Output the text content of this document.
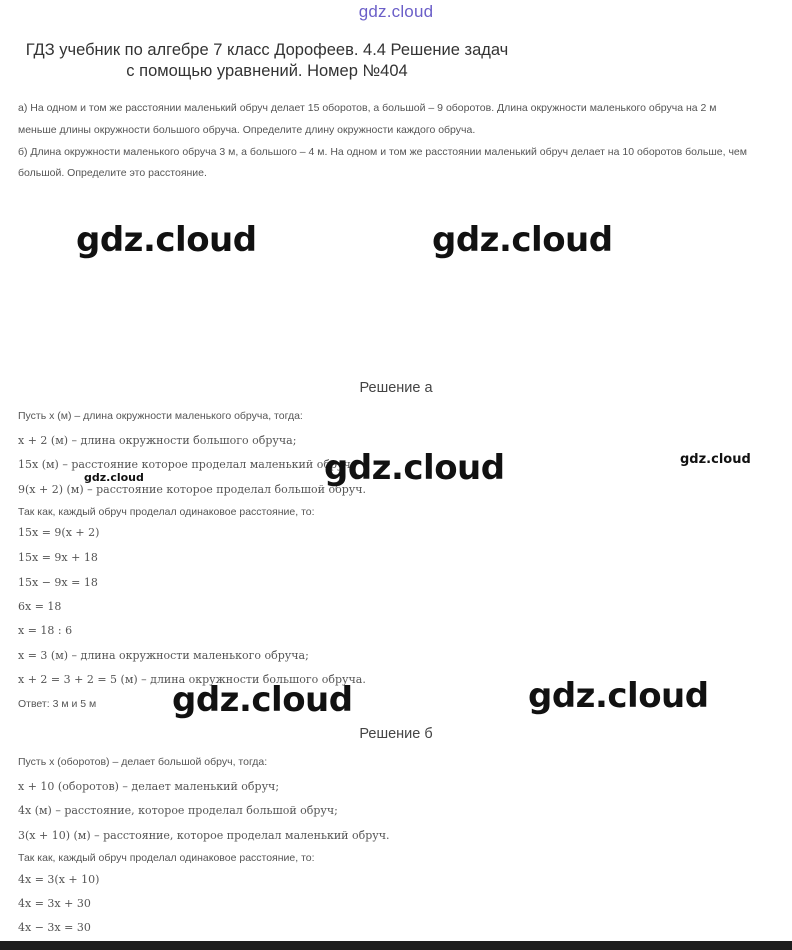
gdz.cloud
ГДЗ учебник по алгебре 7 класс Дорофеев. 4.4 Решение задач
с помощью уравнений. Номер №404
а) На одном и том же расстоянии маленький обруч делает 15 оборотов, а большой – 9 оборотов. Длина окружности маленького обруча на 2 м
меньше длины окружности большого обруча. Определите длину окружности каждого обруча.
б) Длина окружности маленького обруча 3 м, а большого – 4 м. На одном и том же расстоянии маленький обруч делает на 10 оборотов больше, чем
большой. Определите это расстояние.
gdz.cloud	gdz.cloud
Решение а
Пусть x (м) – длина окружности маленького обруча, тогда:
x + 2 (м) – длина окружности большого обруча;
15x (м) – расстояние которое проделал маленький обруч;
9(x + 2) (м) – расстояние которое проделал большой обруч.
Так как, каждый обруч проделал одинаковое расстояние, то:
15x = 9(x + 2)
15x = 9x + 18
15x − 9x = 18
6x = 18
x = 18 : 6
x = 3 (м) – длина окружности маленького обруча;
x + 2 = 3 + 2 = 5 (м) – длина окружности большого обруча.
Ответ: 3 м и 5 м
gdz.cloud	gdz.cloud
gdz.cloud
gdz.cloud	gdz.cloud
Решение б
Пусть x (оборотов) – делает большой обруч, тогда:
x + 10 (оборотов) – делает маленький обруч;
4x (м) – расстояние, которое проделал большой обруч;
3(x + 10) (м) – расстояние, которое проделал маленький обруч.
Так как, каждый обруч проделал одинаковое расстояние, то:
4x = 3(x + 10)
4x = 3x + 30
4x − 3x = 30
